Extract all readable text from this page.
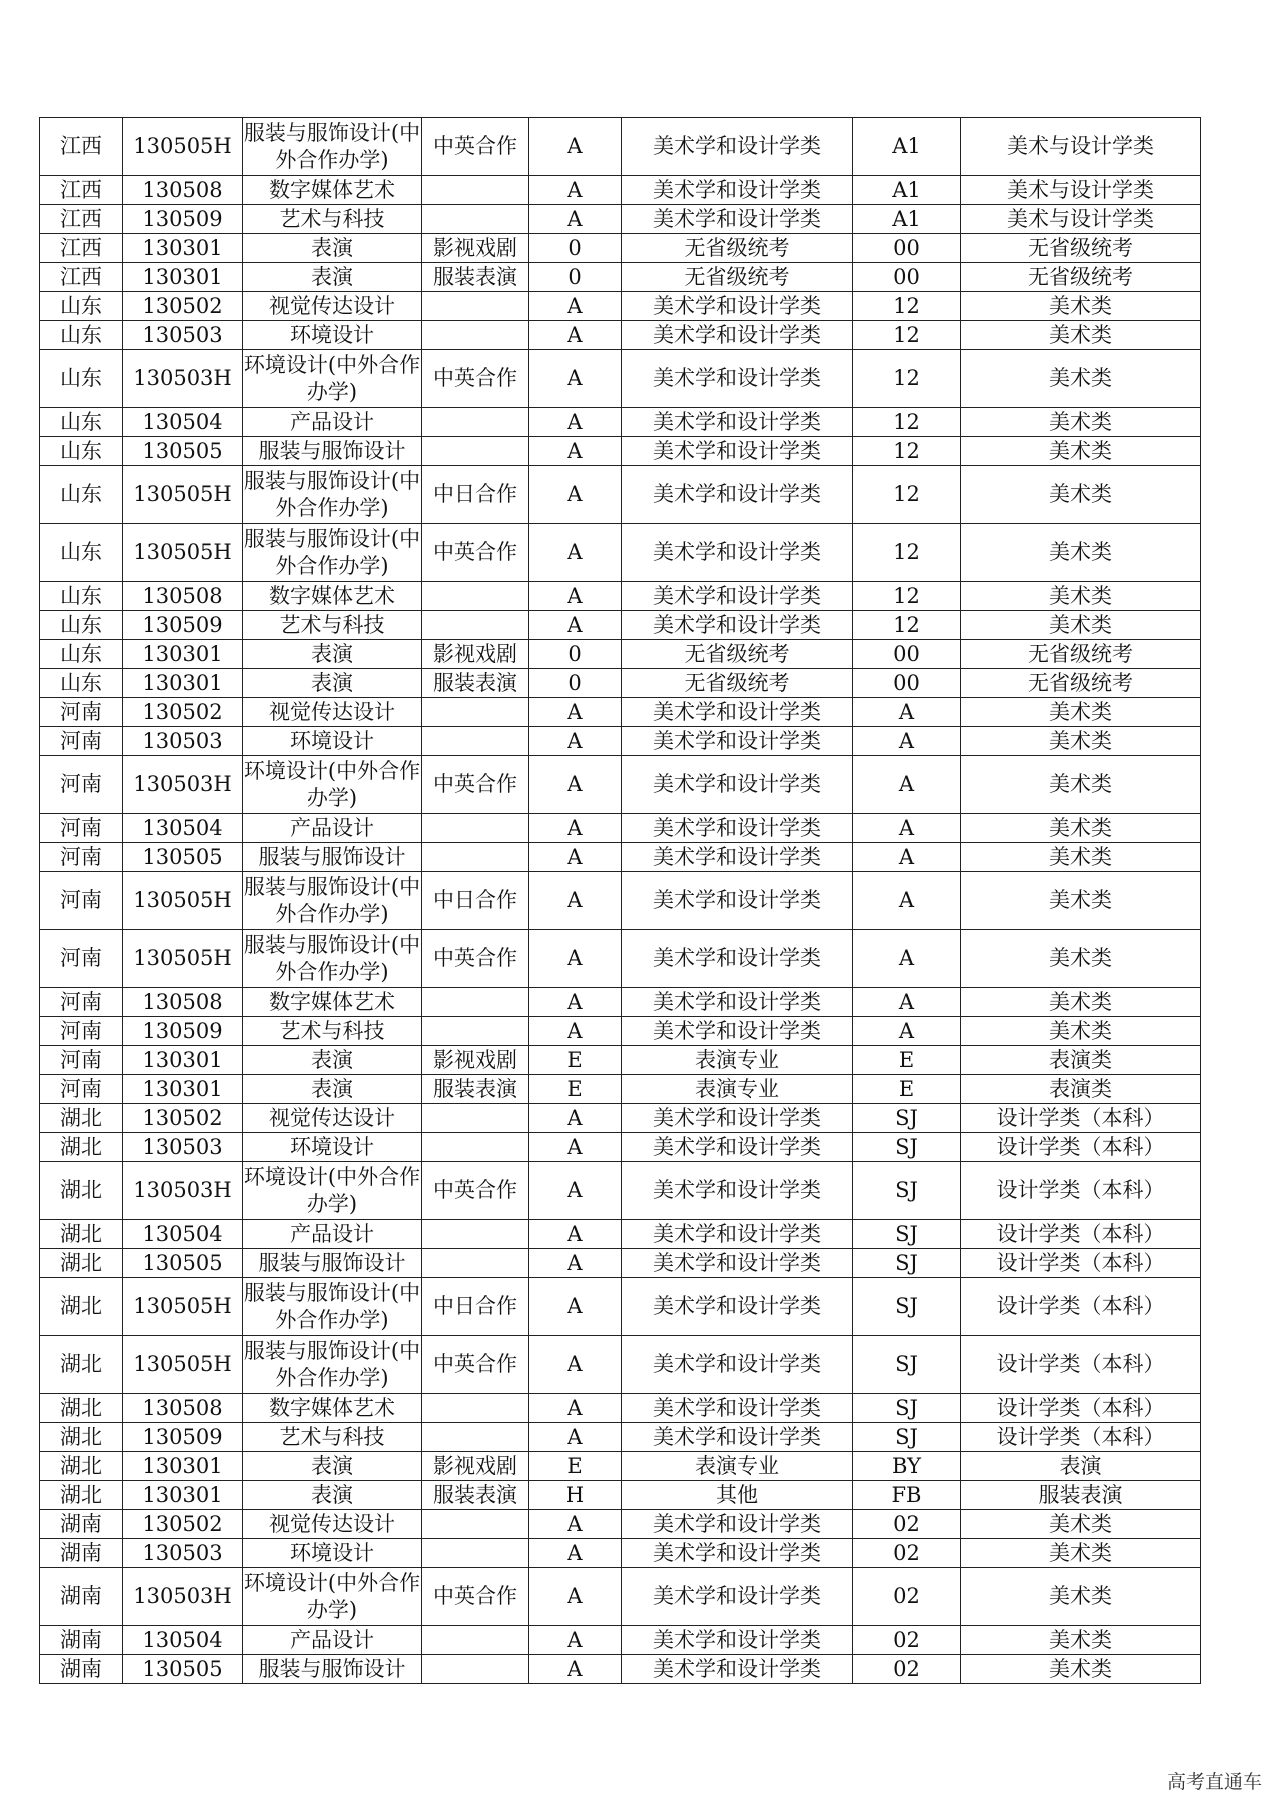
江西	130505H	服装与服饰设计(中外合作办学)	中英合作	A	美术学和设计学类	A1	美术与设计学类
江西	130508	数字媒体艺术		A	美术学和设计学类	A1	美术与设计学类
江西	130509	艺术与科技		A	美术学和设计学类	A1	美术与设计学类
江西	130301	表演	影视戏剧	0	无省级统考	00	无省级统考
江西	130301	表演	服装表演	0	无省级统考	00	无省级统考
山东	130502	视觉传达设计		A	美术学和设计学类	12	美术类
山东	130503	环境设计		A	美术学和设计学类	12	美术类
山东	130503H	环境设计(中外合作办学)	中英合作	A	美术学和设计学类	12	美术类
山东	130504	产品设计		A	美术学和设计学类	12	美术类
山东	130505	服装与服饰设计		A	美术学和设计学类	12	美术类
山东	130505H	服装与服饰设计(中外合作办学)	中日合作	A	美术学和设计学类	12	美术类
山东	130505H	服装与服饰设计(中外合作办学)	中英合作	A	美术学和设计学类	12	美术类
山东	130508	数字媒体艺术		A	美术学和设计学类	12	美术类
山东	130509	艺术与科技		A	美术学和设计学类	12	美术类
山东	130301	表演	影视戏剧	0	无省级统考	00	无省级统考
山东	130301	表演	服装表演	0	无省级统考	00	无省级统考
河南	130502	视觉传达设计		A	美术学和设计学类	A	美术类
河南	130503	环境设计		A	美术学和设计学类	A	美术类
河南	130503H	环境设计(中外合作办学)	中英合作	A	美术学和设计学类	A	美术类
河南	130504	产品设计		A	美术学和设计学类	A	美术类
河南	130505	服装与服饰设计		A	美术学和设计学类	A	美术类
河南	130505H	服装与服饰设计(中外合作办学)	中日合作	A	美术学和设计学类	A	美术类
河南	130505H	服装与服饰设计(中外合作办学)	中英合作	A	美术学和设计学类	A	美术类
河南	130508	数字媒体艺术		A	美术学和设计学类	A	美术类
河南	130509	艺术与科技		A	美术学和设计学类	A	美术类
河南	130301	表演	影视戏剧	E	表演专业	E	表演类
河南	130301	表演	服装表演	E	表演专业	E	表演类
湖北	130502	视觉传达设计		A	美术学和设计学类	SJ	设计学类（本科）
湖北	130503	环境设计		A	美术学和设计学类	SJ	设计学类（本科）
湖北	130503H	环境设计(中外合作办学)	中英合作	A	美术学和设计学类	SJ	设计学类（本科）
湖北	130504	产品设计		A	美术学和设计学类	SJ	设计学类（本科）
湖北	130505	服装与服饰设计		A	美术学和设计学类	SJ	设计学类（本科）
湖北	130505H	服装与服饰设计(中外合作办学)	中日合作	A	美术学和设计学类	SJ	设计学类（本科）
湖北	130505H	服装与服饰设计(中外合作办学)	中英合作	A	美术学和设计学类	SJ	设计学类（本科）
湖北	130508	数字媒体艺术		A	美术学和设计学类	SJ	设计学类（本科）
湖北	130509	艺术与科技		A	美术学和设计学类	SJ	设计学类（本科）
湖北	130301	表演	影视戏剧	E	表演专业	BY	表演
湖北	130301	表演	服装表演	H	其他	FB	服装表演
湖南	130502	视觉传达设计		A	美术学和设计学类	02	美术类
湖南	130503	环境设计		A	美术学和设计学类	02	美术类
湖南	130503H	环境设计(中外合作办学)	中英合作	A	美术学和设计学类	02	美术类
湖南	130504	产品设计		A	美术学和设计学类	02	美术类
湖南	130505	服装与服饰设计		A	美术学和设计学类	02	美术类
高考直通车
